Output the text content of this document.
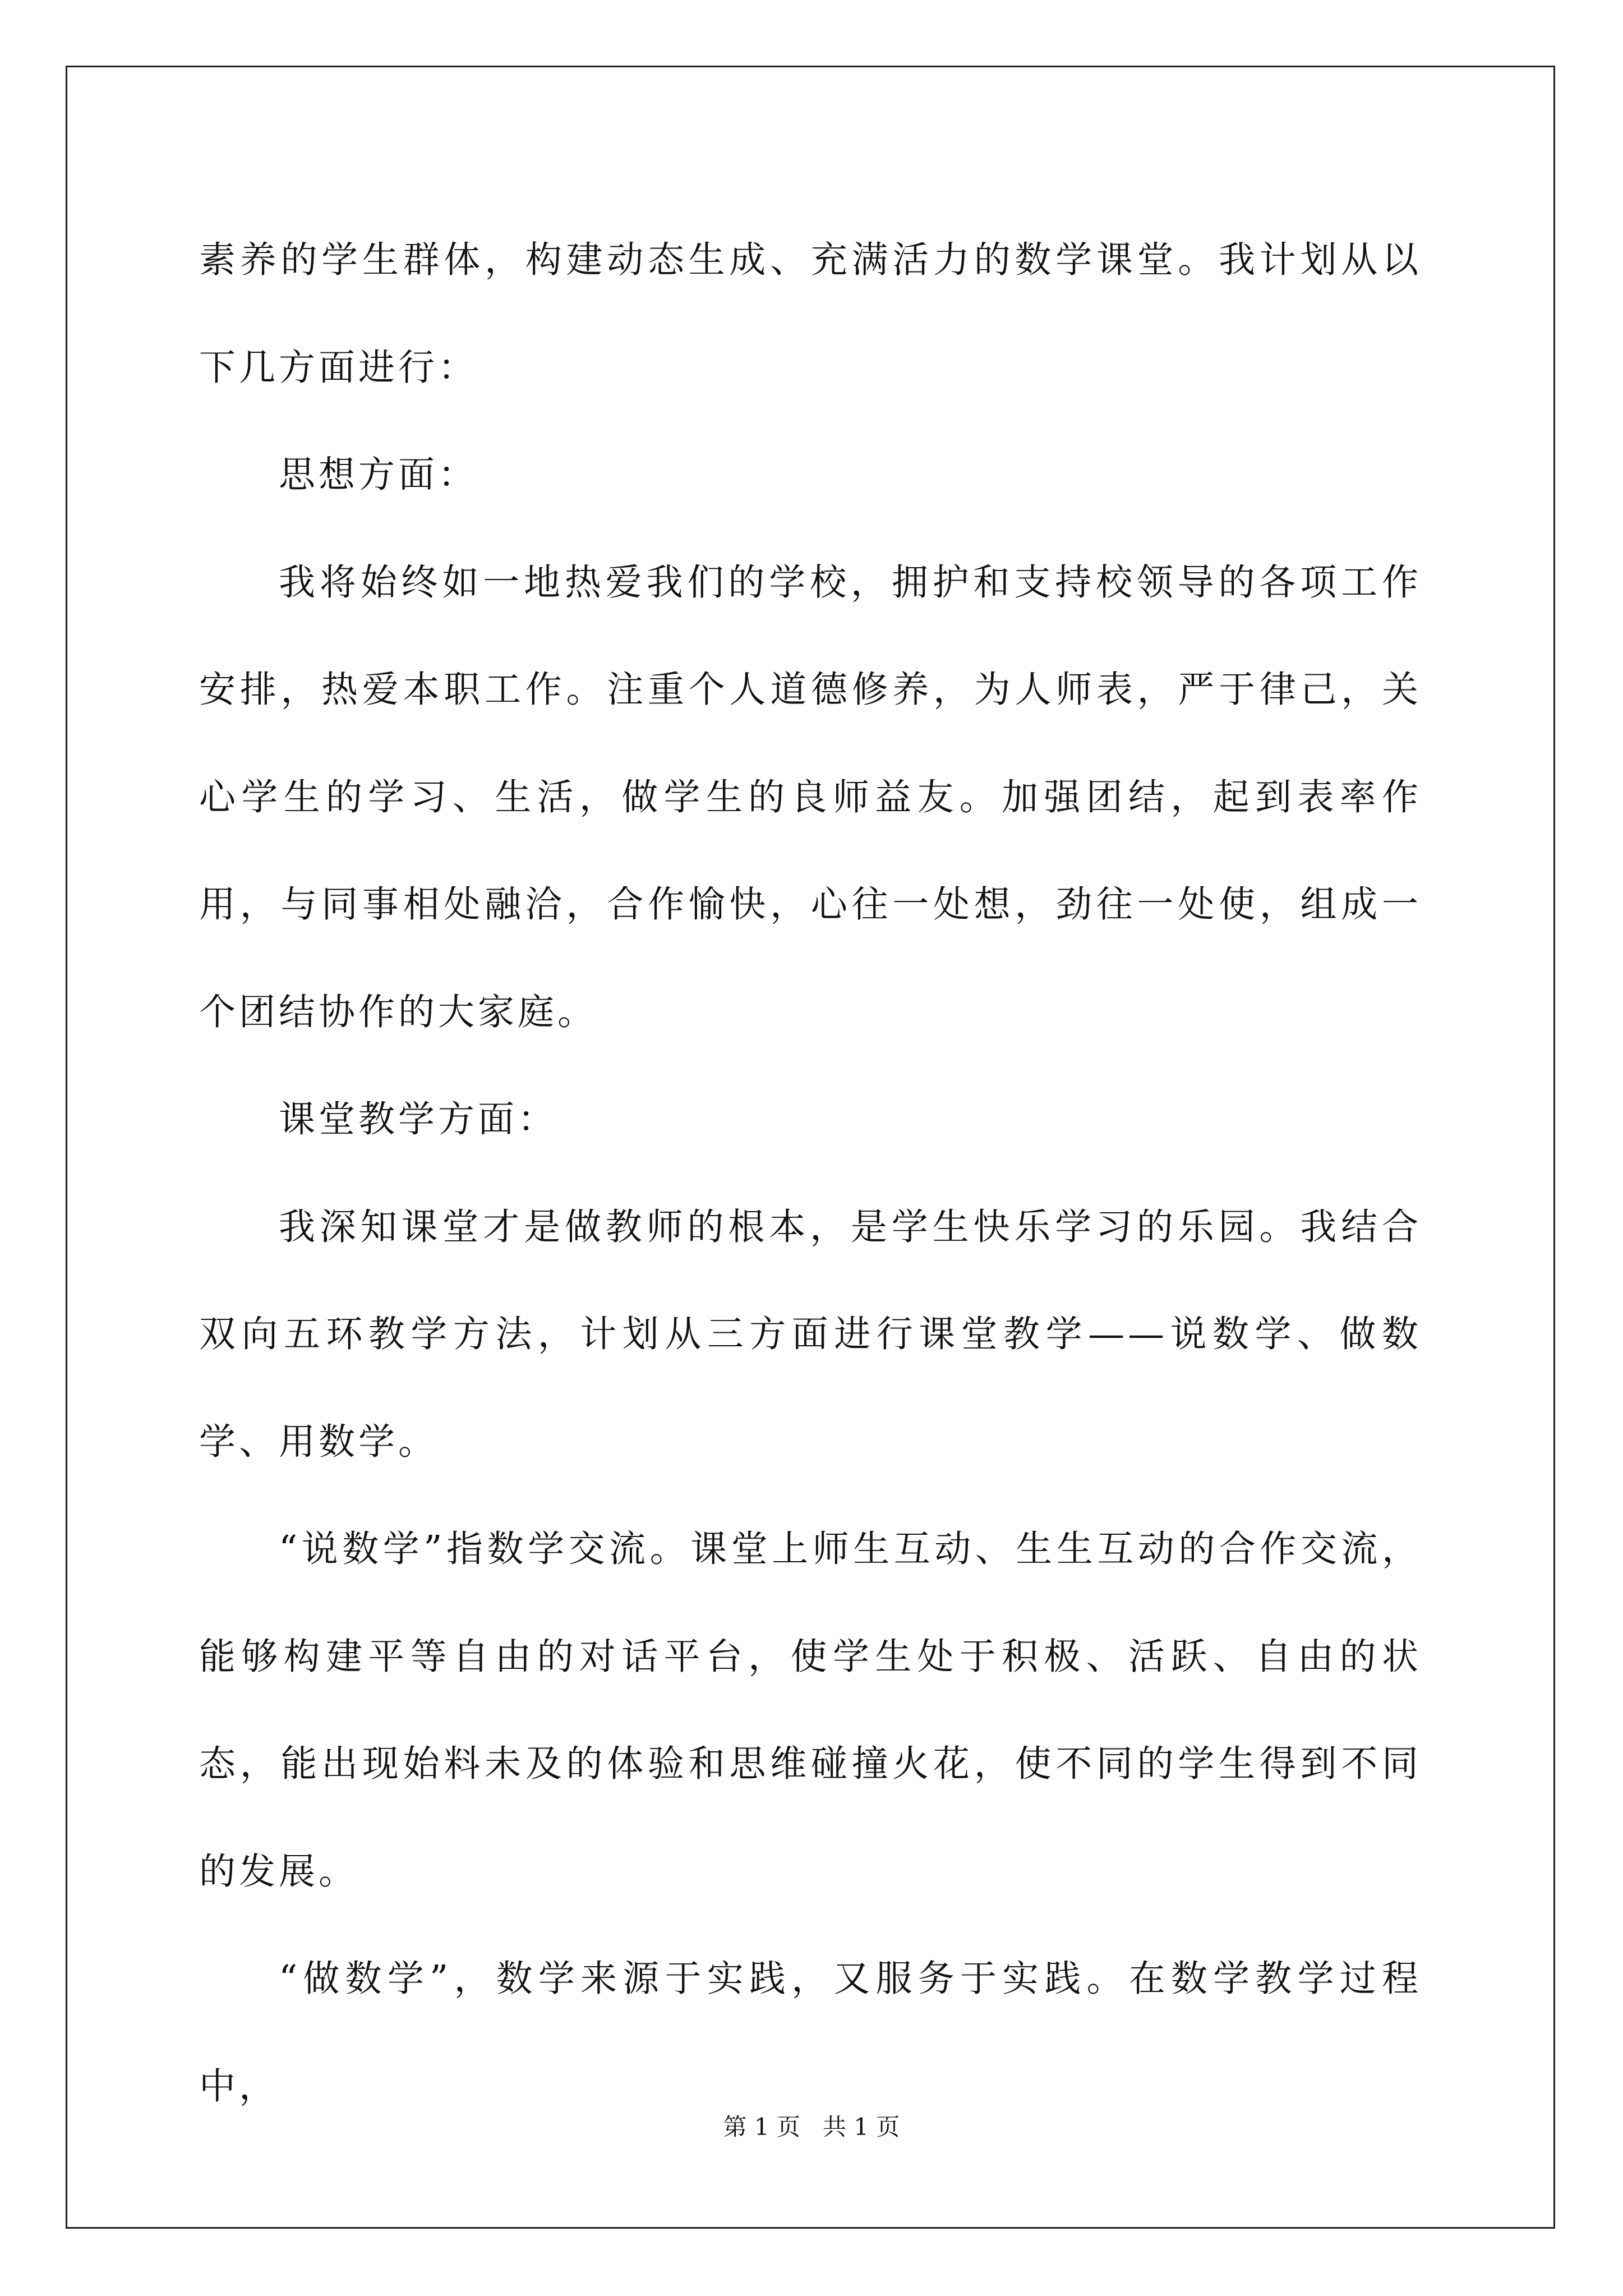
素养的学生群体，构建动态生成、充满活力的数学课堂。我计划从以下几方面进行：

思想方面：

我将始终如一地热爱我们的学校，拥护和支持校领导的各项工作安排，热爱本职工作。注重个人道德修养，为人师表，严于律己，关心学生的学习、生活，做学生的良师益友。加强团结，起到表率作用，与同事相处融洽，合作愉快，心往一处想，劲往一处使，组成一个团结协作的大家庭。

课堂教学方面：

我深知课堂才是做教师的根本，是学生快乐学习的乐园。我结合双向五环教学方法，计划从三方面进行课堂教学——说数学、做数学、用数学。

“说数学”指数学交流。课堂上师生互动、生生互动的合作交流，能够构建平等自由的对话平台，使学生处于积极、活跃、自由的状态，能出现始料未及的体验和思维碰撞火花，使不同的学生得到不同的发展。

“做数学”，数学来源于实践，又服务于实践。在数学教学过程中，

第 1 页 共 1 页
